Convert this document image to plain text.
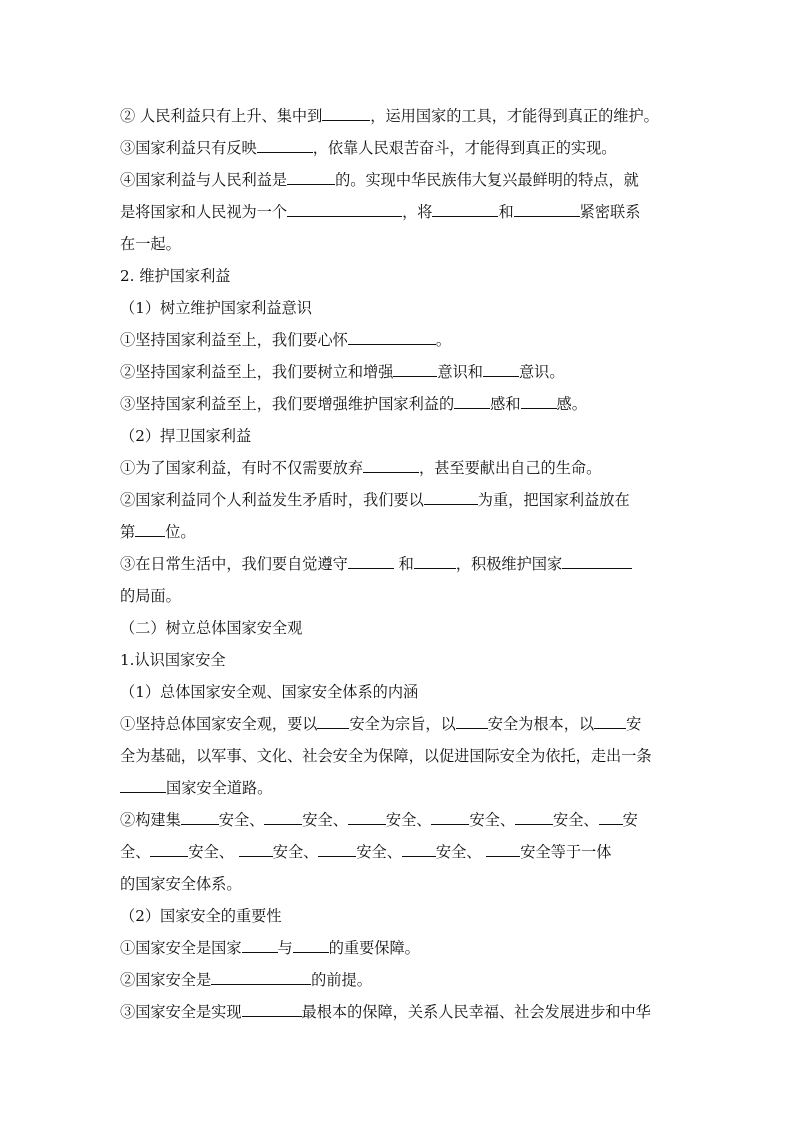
② 人民利益只有上升、集中到	，运用国家的工具，才能得到真正的维护。
③国家利益只有反映	，依靠人民艰苦奋斗，才能得到真正的实现。
④国家利益与人民利益是	的。实现中华民族伟大复兴最鲜明的特点，就
是将国家和人民视为一个	，将	和	紧密联系
在一起。
2. 维护国家利益
（1）树立维护国家利益意识
①坚持国家利益至上，我们要心怀	。
②坚持国家利益至上，我们要树立和增强	意识和 意识。
③坚持国家利益至上，我们要增强维护国家利益的 感和 感。
（2）捍卫国家利益
①为了国家利益，有时不仅需要放弃	，甚至要献出自己的生命。
②国家利益同个人利益发生矛盾时，我们要以	为重，把国家利益放在
第 位。
③在日常生活中，我们要自觉遵守	和	，积极维护国家
的局面。
（二）树立总体国家安全观
1.认识国家安全
（1）总体国家安全观、国家安全体系的内涵
①坚持总体国家安全观，要以 安全为宗旨，以 安全为根本，以 安
全为基础，以军事、文化、社会安全为保障，以促进国际安全为依托，走出一条
国家安全道路。
②构建集	安全、	安全、	安全、	安全、	安全、 安
全、	安全、 安全、	安全、 安全、 安全等于一体
的国家安全体系。
（2）国家安全的重要性
①国家安全是国家 与 的重要保障。
②国家安全是	的前提。
③国家安全是实现	最根本的保障，关系人民幸福、社会发展进步和中华
